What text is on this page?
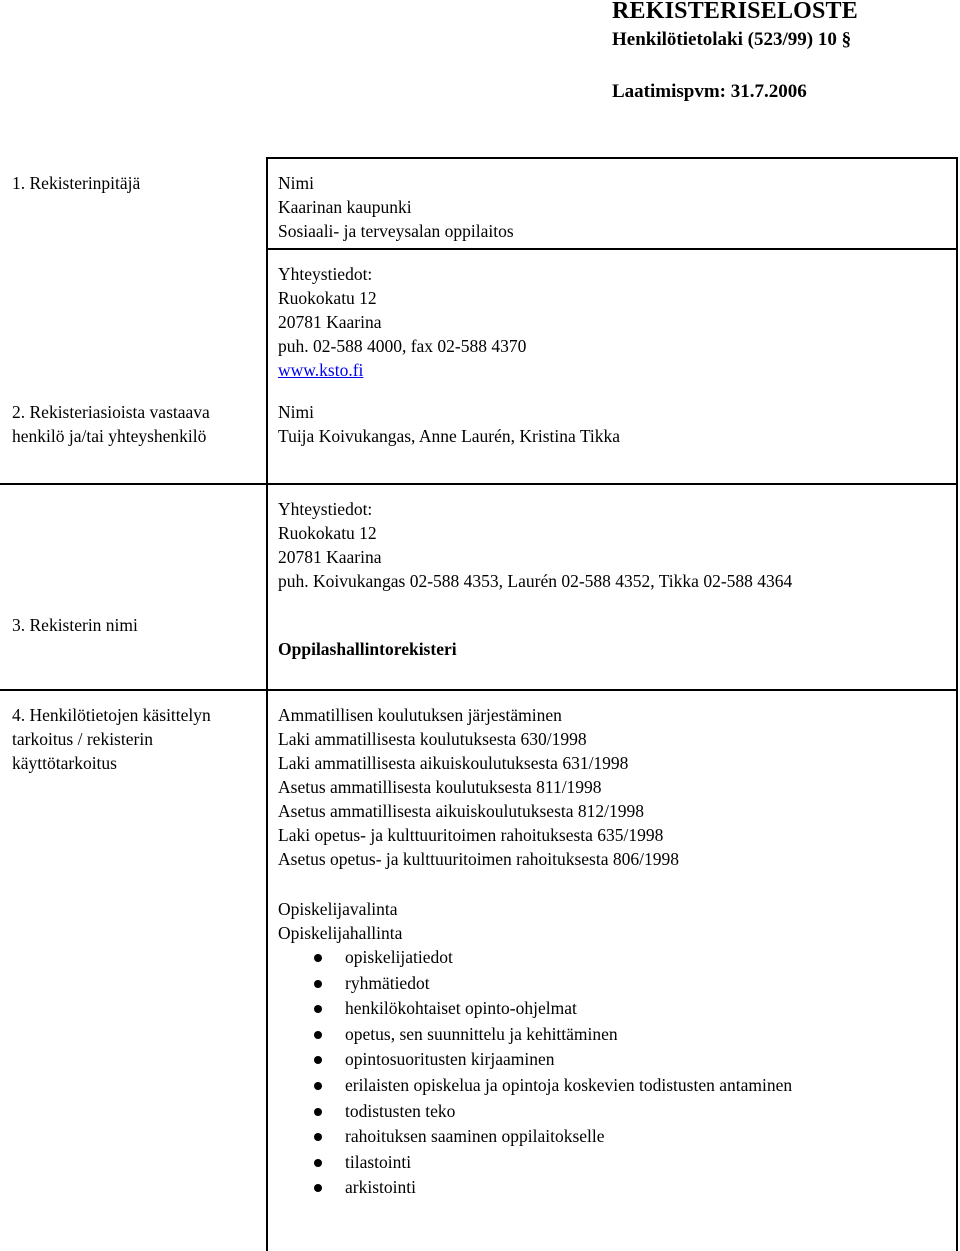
REKISTERISELOSTE
Henkilötietolaki (523/99) 10 §
Laatimispvm: 31.7.2006
1. Rekisterinpitäjä	Nimi
Kaarinan kaupunki
Sosiaali- ja terveysalan oppilaitos
Yhteystiedot:
Ruokokatu 12
20781 Kaarina
puh. 02-588 4000, fax 02-588 4370
www.ksto.fi
2. Rekisteriasioista vastaava
henkilö ja/tai yhteyshenkilö
Nimi
Tuija Koivukangas, Anne Laurén, Kristina Tikka
Yhteystiedot:
Ruokokatu 12
20781 Kaarina
puh. Koivukangas 02-588 4353, Laurén 02-588 4352, Tikka 02-588 4364
3. Rekisterin nimi
Oppilashallintorekisteri
4. Henkilötietojen käsittelyn
tarkoitus / rekisterin
käyttötarkoitus
Ammatillisen koulutuksen järjestäminen
Laki ammatillisesta koulutuksesta 630/1998
Laki ammatillisesta aikuiskoulutuksesta 631/1998
Asetus ammatillisesta koulutuksesta 811/1998
Asetus ammatillisesta aikuiskoulutuksesta 812/1998
Laki opetus- ja kulttuuritoimen rahoituksesta 635/1998
Asetus opetus- ja kulttuuritoimen rahoituksesta 806/1998
Opiskelijavalinta
Opiskelijahallinta
opiskelijatiedot
ryhmätiedot
henkilökohtaiset opinto-ohjelmat
opetus, sen suunnittelu ja kehittäminen
opintosuoritusten kirjaaminen
erilaisten opiskelua ja opintoja koskevien todistusten antaminen
todistusten teko
rahoituksen saaminen oppilaitokselle
tilastointi
arkistointi
